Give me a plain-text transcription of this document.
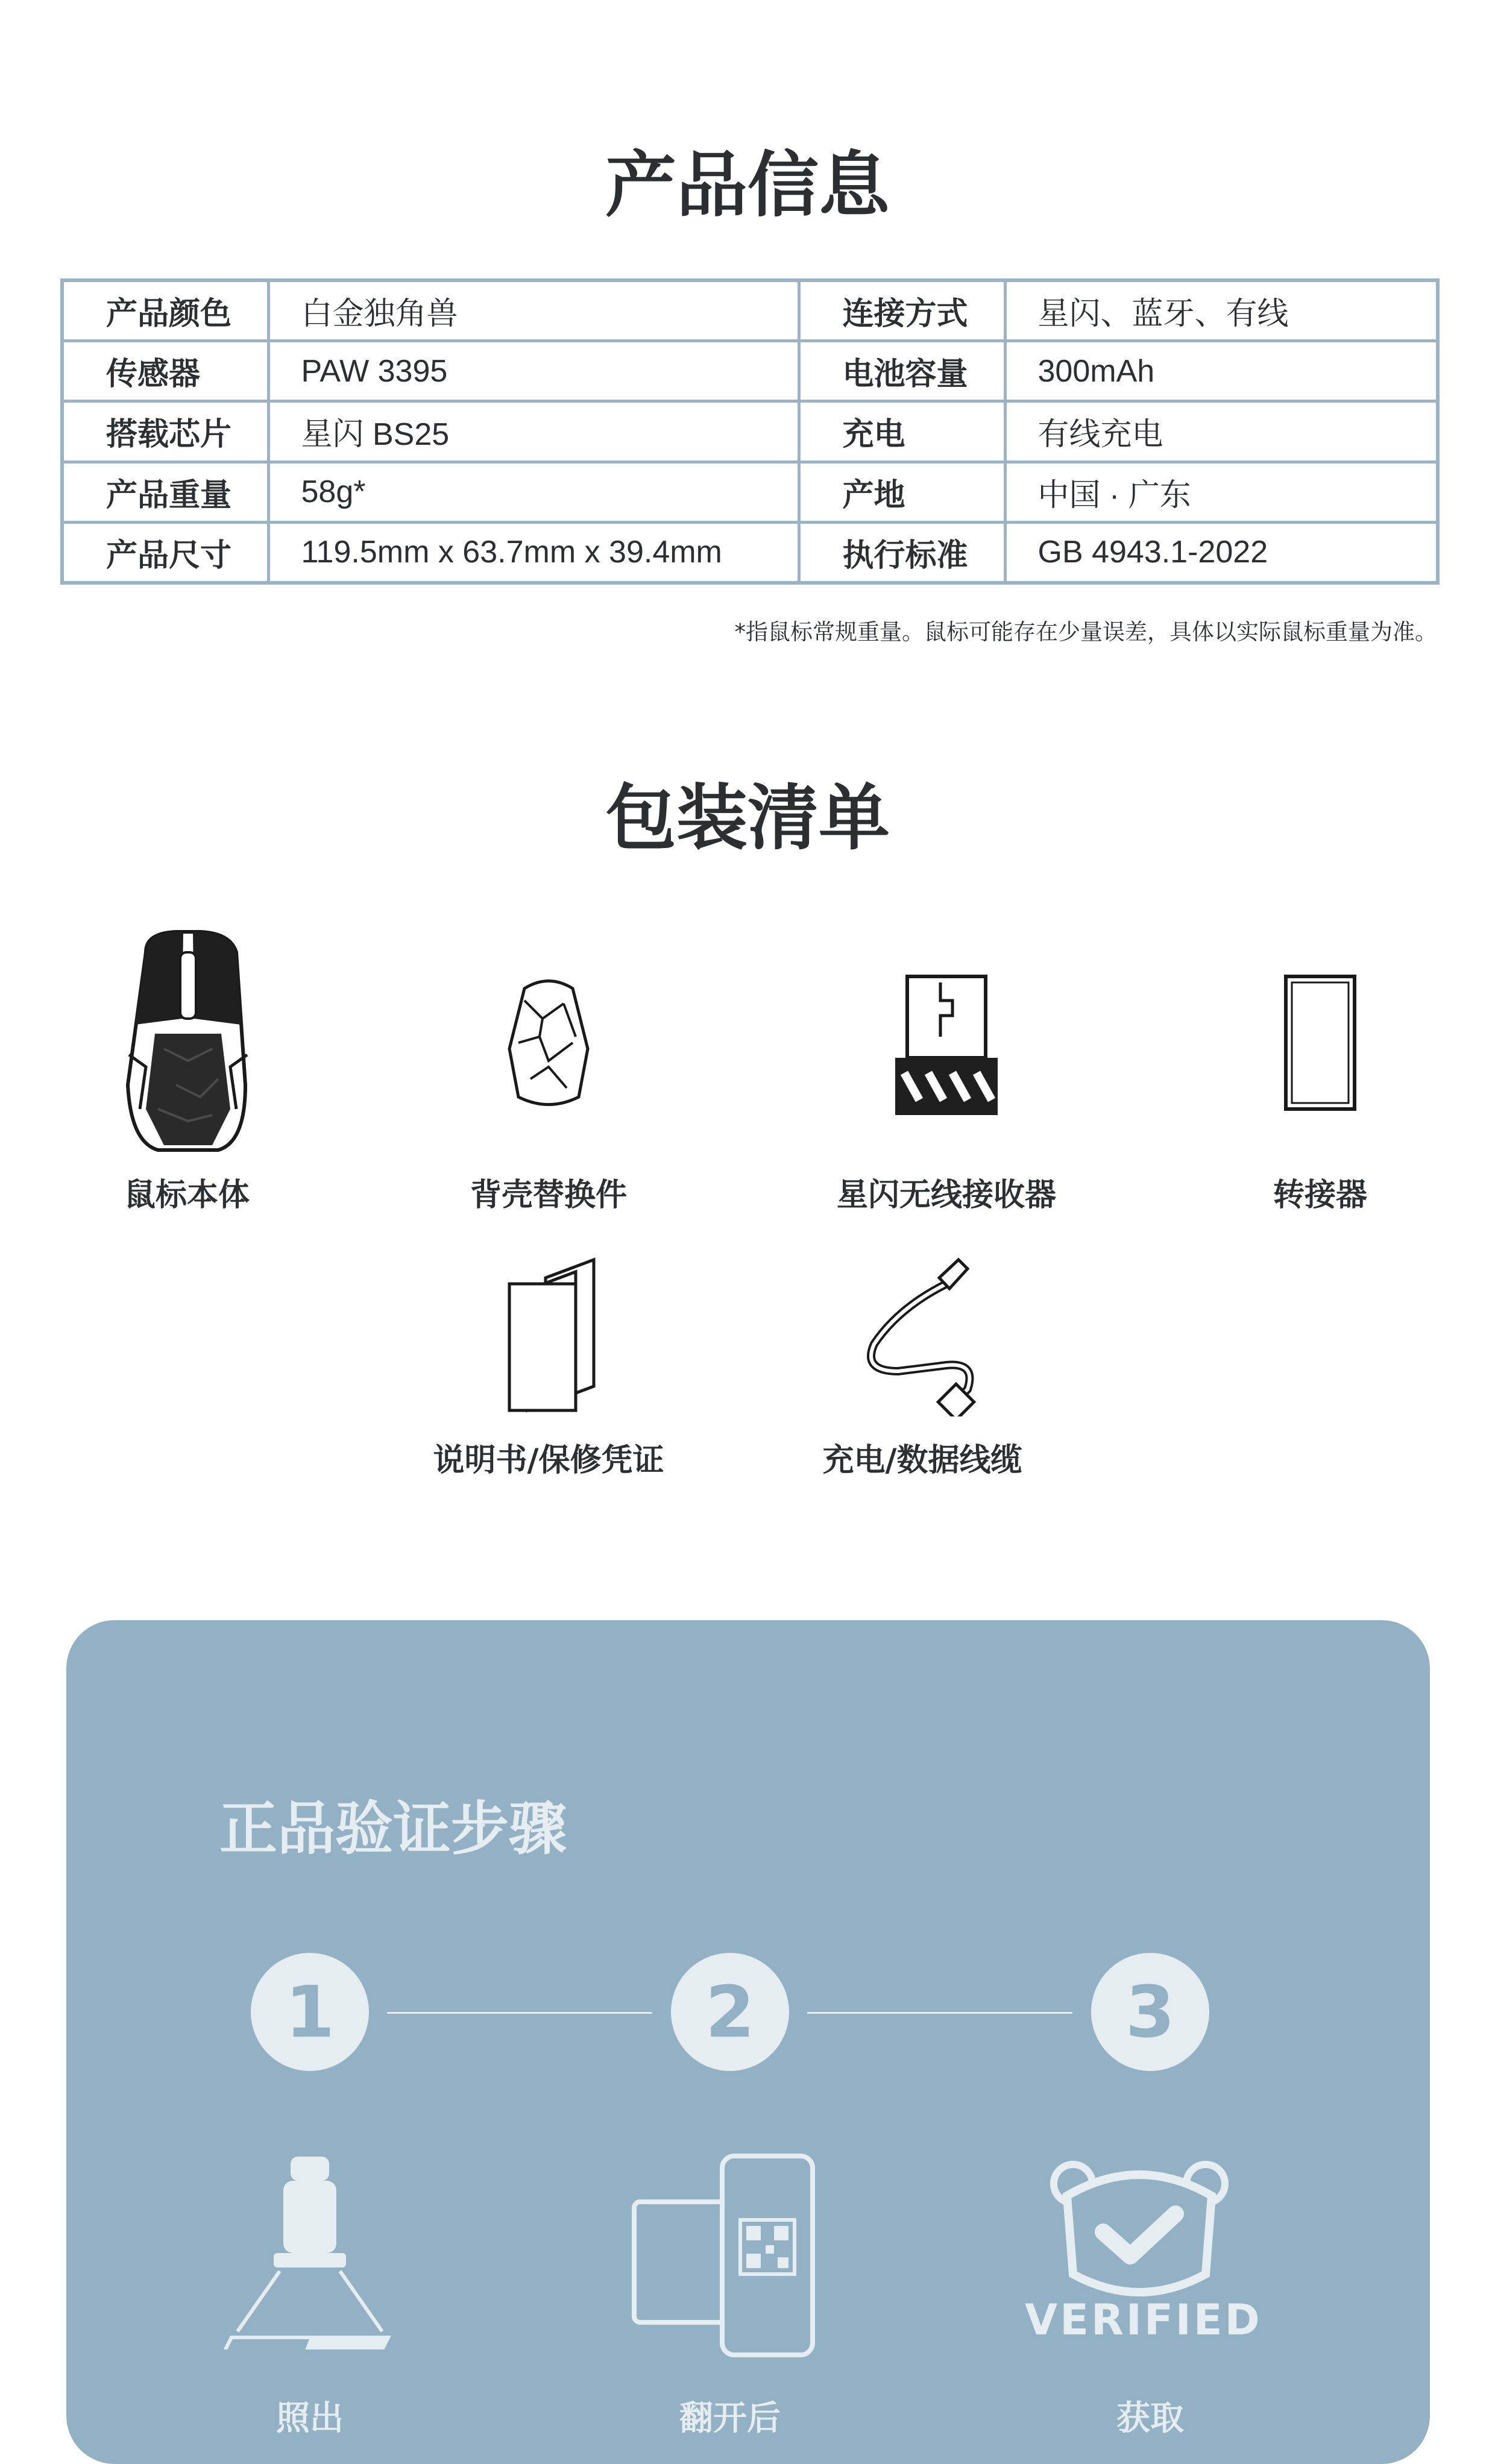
产品信息
产品颜色	白金独角兽	连接方式	星闪、蓝牙、有线
传感器	PAW 3395	电池容量	300mAh
搭载芯片	星闪 BS25	充电	有线充电
产品重量	58g*	产地	中国 · 广东
产品尺寸	119.5mm x 63.7mm x 39.4mm	执行标准	GB 4943.1-2022

*指鼠标常规重量。鼠标可能存在少量误差，具体以实际鼠标重量为准。

包装清单
鼠标本体	背壳替换件	星闪无线接收器	转接器
说明书/保修凭证	充电/数据线缆

正品验证步骤

1	2	3
VERIFIED
照出	翻开后	获取
